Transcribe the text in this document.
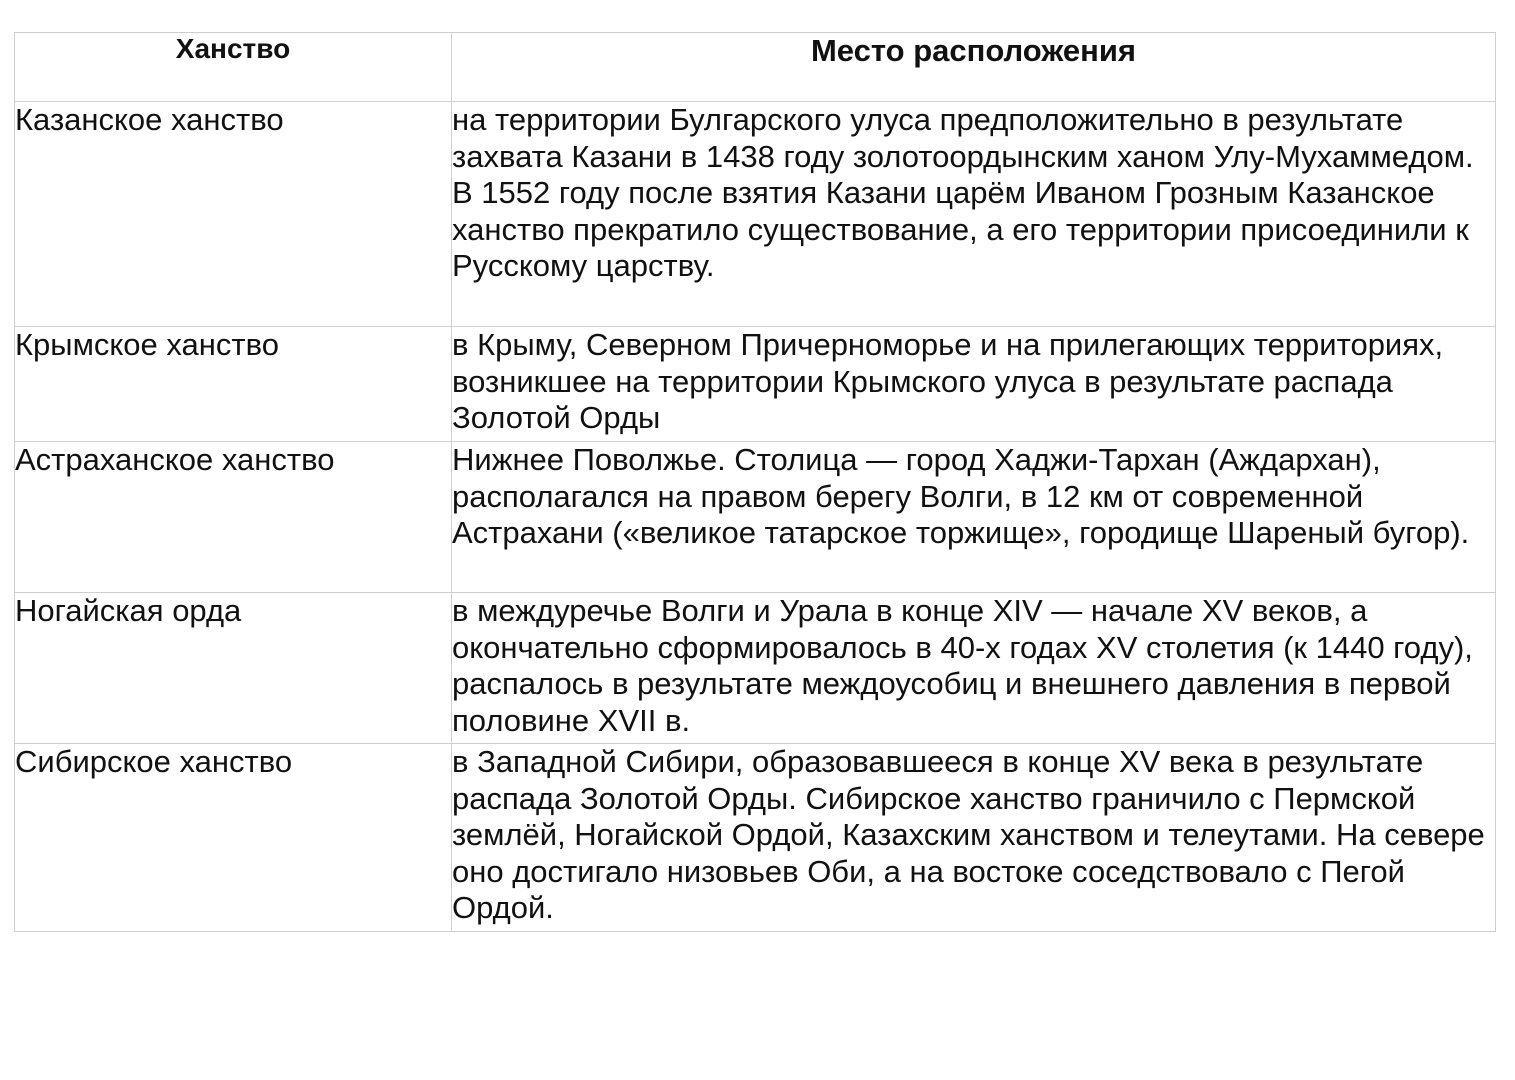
Ханство	Место расположения
Казанское ханство	на территории Булгарского улуса предположительно в результате захвата Казани в 1438 году золотоордынским ханом Улу-Мухаммедом. В 1552 году после взятия Казани царём Иваном Грозным Казанское ханство прекратило существование, а его территории присоединили к Русскому царству.
Крымское ханство	в Крыму, Северном Причерноморье и на прилегающих территориях, возникшее на территории Крымского улуса в результате распада Золотой Орды
Астраханское ханство	Нижнее Поволжье. Столица — город Хаджи-Тархан (Аждархан), располагался на правом берегу Волги, в 12 км от современной Астрахани («великое татарское торжище», городище Шареный бугор).
Ногайская орда	в междуречье Волги и Урала в конце XIV — начале XV веков, а окончательно сформировалось в 40-х годах XV столетия (к 1440 году), распалось в результате междоусобиц и внешнего давления в первой половине XVII в.
Сибирское ханство	в Западной Сибири, образовавшееся в конце XV века в результате распада Золотой Орды. Сибирское ханство граничило с Пермской землёй, Ногайской Ордой, Казахским ханством и телеутами. На севере оно достигало низовьев Оби, а на востоке соседствовало с Пегой Ордой.
